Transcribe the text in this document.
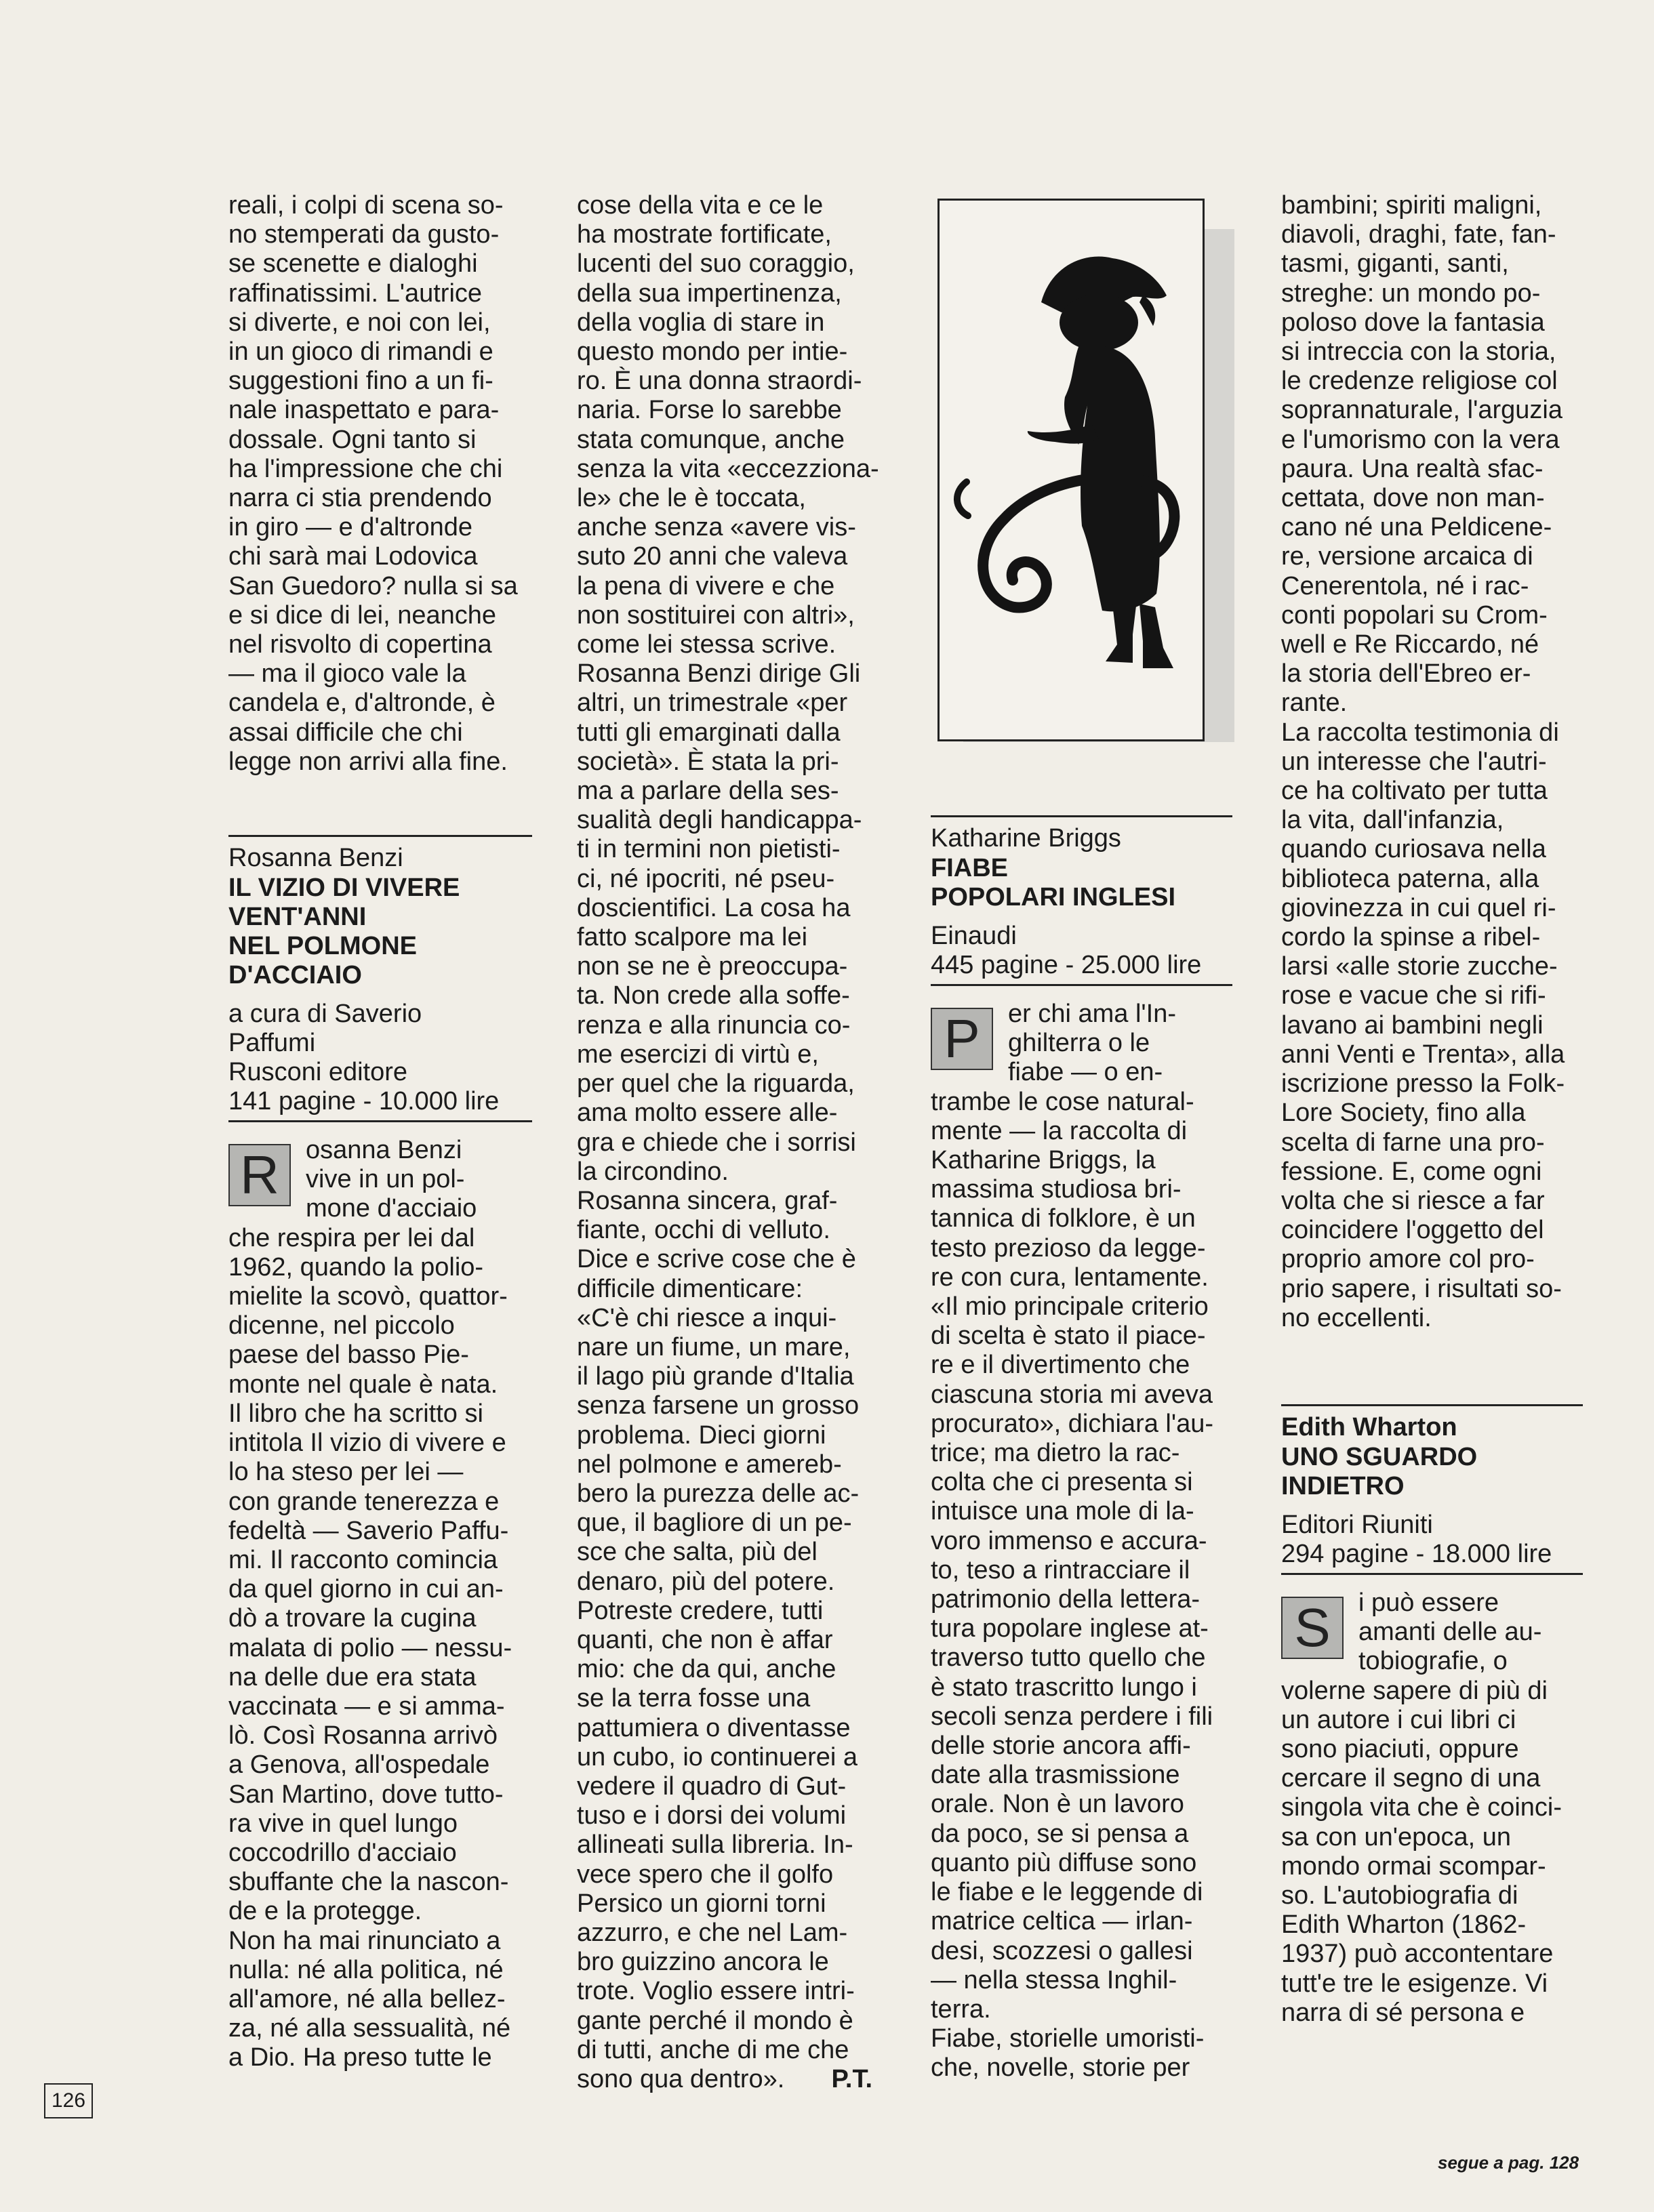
reali, i colpi di scena so-

no stemperati da gusto-

se scenette e dialoghi

raffinatissimi. L'autrice

si diverte, e noi con lei,

in un gioco di rimandi e

suggestioni fino a un fi-

nale inaspettato e para-

dossale. Ogni tanto si

ha l'impressione che chi

narra ci stia prendendo

in giro — e d'altronde

chi sarà mai Lodovica

San Guedoro? nulla si sa

e si dice di lei, neanche

nel risvolto di copertina

— ma il gioco vale la

candela e, d'altronde, è

assai difficile che chi

legge non arrivi alla fine.

Rosanna Benzi
IL VIZIO DI VIVERE
VENT'ANNI
NEL POLMONE
D'ACCIAIO
a cura di Saverio
Paffumi
Rusconi editore
141 pagine - 10.000 lire
R	osanna Benzi

vive in un pol-

mone d'acciaio

che respira per lei dal

1962, quando la polio-

mielite la scovò, quattor-

dicenne, nel piccolo

paese del basso Pie-

monte nel quale è nata.

Il libro che ha scritto si

intitola Il vizio di vivere e

lo ha steso per lei —

con grande tenerezza e

fedeltà — Saverio Paffu-

mi. Il racconto comincia

da quel giorno in cui an-

dò a trovare la cugina

malata di polio — nessu-

na delle due era stata

vaccinata — e si amma-

lò. Così Rosanna arrivò

a Genova, all'ospedale

San Martino, dove tutto-

ra vive in quel lungo

coccodrillo d'acciaio

sbuffante che la nascon-

de e la protegge.

Non ha mai rinunciato a

nulla: né alla politica, né

all'amore, né alla bellez-

za, né alla sessualità, né

a Dio. Ha preso tutte le

cose della vita e ce le

ha mostrate fortificate,

lucenti del suo coraggio,

della sua impertinenza,

della voglia di stare in

questo mondo per intie-

ro. È una donna straordi-

naria. Forse lo sarebbe

stata comunque, anche

senza la vita «eccezziona-

le» che le è toccata,

anche senza «avere vis-

suto 20 anni che valeva

la pena di vivere e che

non sostituirei con altri»,

come lei stessa scrive.

Rosanna Benzi dirige Gli

altri, un trimestrale «per

tutti gli emarginati dalla

società». È stata la pri-

ma a parlare della ses-

sualità degli handicappa-

ti in termini non pietisti-

ci, né ipocriti, né pseu-

doscientifici. La cosa ha

fatto scalpore ma lei

non se ne è preoccupa-

ta. Non crede alla soffe-

renza e alla rinuncia co-

me esercizi di virtù e,

per quel che la riguarda,

ama molto essere alle-

gra e chiede che i sorrisi

la circondino.

Rosanna sincera, graf-

fiante, occhi di velluto.

Dice e scrive cose che è

difficile dimenticare:

«C'è chi riesce a inqui-

nare un fiume, un mare,

il lago più grande d'Italia

senza farsene un grosso

problema. Dieci giorni

nel polmone e amereb-

bero la purezza delle ac-

que, il bagliore di un pe-

sce che salta, più del

denaro, più del potere.

Potreste credere, tutti

quanti, che non è affar

mio: che da qui, anche

se la terra fosse una

pattumiera o diventasse

un cubo, io continuerei a

vedere il quadro di Gut-

tuso e i dorsi dei volumi

allineati sulla libreria. In-

vece spero che il golfo

Persico un giorni torni

azzurro, e che nel Lam-

bro guizzino ancora le

trote. Voglio essere intri-

gante perché il mondo è

di tutti, anche di me che

sono qua dentro». P.T.

Katharine Briggs
FIABE
POPOLARI INGLESI
Einaudi
445 pagine - 25.000 lire
P	er chi ama l'In-

ghilterra o le

fiabe — o en-

trambe le cose natural-

mente — la raccolta di

Katharine Briggs, la

massima studiosa bri-

tannica di folklore, è un

testo prezioso da legge-

re con cura, lentamente.

«Il mio principale criterio

di scelta è stato il piace-

re e il divertimento che

ciascuna storia mi aveva

procurato», dichiara l'au-

trice; ma dietro la rac-

colta che ci presenta si

intuisce una mole di la-

voro immenso e accura-

to, teso a rintracciare il

patrimonio della lettera-

tura popolare inglese at-

traverso tutto quello che

è stato trascritto lungo i

secoli senza perdere i fili

delle storie ancora affi-

date alla trasmissione

orale. Non è un lavoro

da poco, se si pensa a

quanto più diffuse sono

le fiabe e le leggende di

matrice celtica — irlan-

desi, scozzesi o gallesi

— nella stessa Inghil-

terra.

Fiabe, storielle umoristi-

che, novelle, storie per

bambini; spiriti maligni,

diavoli, draghi, fate, fan-

tasmi, giganti, santi,

streghe: un mondo po-

poloso dove la fantasia

si intreccia con la storia,

le credenze religiose col

soprannaturale, l'arguzia

e l'umorismo con la vera

paura. Una realtà sfac-

cettata, dove non man-

cano né una Peldicene-

re, versione arcaica di

Cenerentola, né i rac-

conti popolari su Crom-

well e Re Riccardo, né

la storia dell'Ebreo er-

rante.

La raccolta testimonia di

un interesse che l'autri-

ce ha coltivato per tutta

la vita, dall'infanzia,

quando curiosava nella

biblioteca paterna, alla

giovinezza in cui quel ri-

cordo la spinse a ribel-

larsi «alle storie zucche-

rose e vacue che si rifi-

lavano ai bambini negli

anni Venti e Trenta», alla

iscrizione presso la Folk-

Lore Society, fino alla

scelta di farne una pro-

fessione. E, come ogni

volta che si riesce a far

coincidere l'oggetto del

proprio amore col pro-

prio sapere, i risultati so-

no eccellenti.

Edith Wharton
UNO SGUARDO
INDIETRO
Editori Riuniti
294 pagine - 18.000 lire
S	i può essere

amanti delle au-

tobiografie, o

volerne sapere di più di

un autore i cui libri ci

sono piaciuti, oppure

cercare il segno di una

singola vita che è coinci-

sa con un'epoca, un

mondo ormai scompar-

so. L'autobiografia di

Edith Wharton (1862-

1937) può accontentare

tutt'e tre le esigenze. Vi

narra di sé persona e

126
segue a pag. 128
